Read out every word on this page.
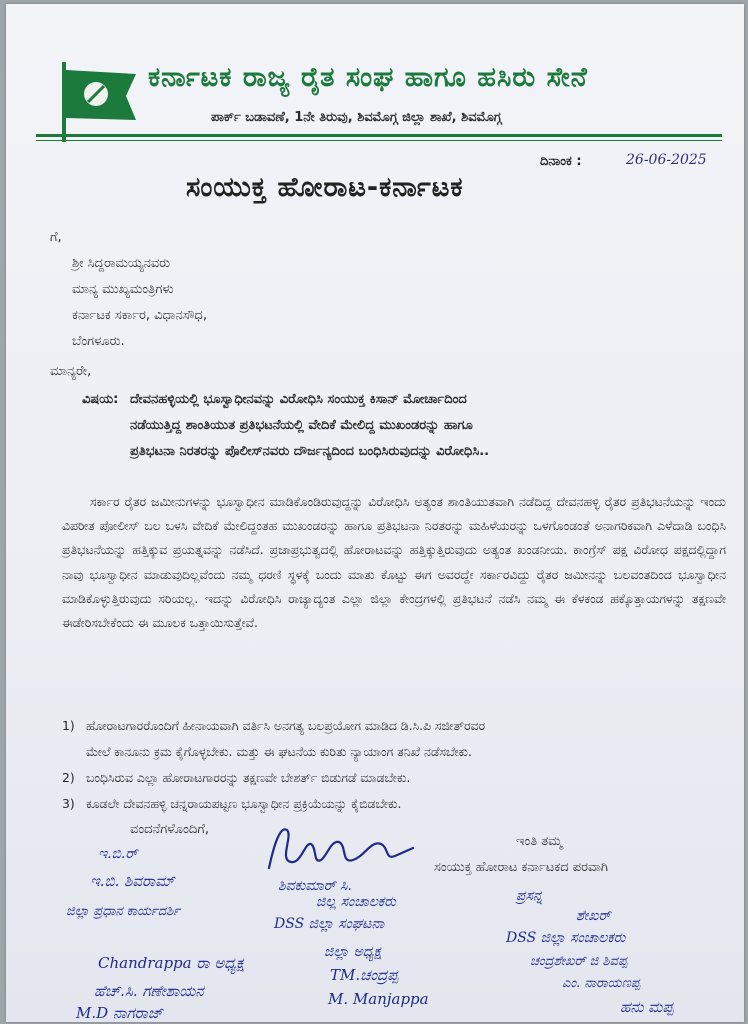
ಕರ್ನಾಟಕ ರಾಜ್ಯ ರೈತ ಸಂಘ ಹಾಗೂ ಹಸಿರು ಸೇನೆ
ಪಾರ್ಕ್ ಬಡಾವಣೆ, 1ನೇ ತಿರುವು, ಶಿವಮೊಗ್ಗ ಜಿಲ್ಲಾ ಶಾಖೆ, ಶಿವಮೊಗ್ಗ
ದಿನಾಂಕ :	26-06-2025
ಸಂಯುಕ್ತ ಹೋರಾಟ-ಕರ್ನಾಟಕ
ಗೆ,
ಶ್ರೀ ಸಿದ್ದರಾಮಯ್ಯನವರು
ಮಾನ್ಯ ಮುಖ್ಯಮಂತ್ರಿಗಳು
ಕರ್ನಾಟಕ ಸರ್ಕಾರ, ವಿಧಾನಸೌಧ,
ಬೆಂಗಳೂರು.
ಮಾನ್ಯರೇ,
ವಿಷಯ: ದೇವನಹಳ್ಳಿಯಲ್ಲಿ ಭೂಸ್ವಾಧೀನವನ್ನು ವಿರೋಧಿಸಿ ಸಂಯುಕ್ತ ಕಿಸಾನ್ ಮೋರ್ಚಾದಿಂದ
ನಡೆಯುತ್ತಿದ್ದ ಶಾಂತಿಯುತ ಪ್ರತಿಭಟನೆಯಲ್ಲಿ ವೇದಿಕೆ ಮೇಲಿದ್ದ ಮುಖಂಡರನ್ನು ಹಾಗೂ
ಪ್ರತಿಭಟನಾ ನಿರತರನ್ನು ಪೊಲೀಸ್‌ನವರು ದೌರ್ಜನ್ಯದಿಂದ ಬಂಧಿಸಿರುವುದನ್ನು ವಿರೋಧಿಸಿ..
ಸರ್ಕಾರ ರೈತರ ಜಮೀನುಗಳನ್ನು ಭೂಸ್ವಾಧೀನ ಮಾಡಿಕೊಂಡಿರುವುದ್ದನ್ನು ವಿರೋಧಿಸಿ ಅತ್ಯಂತ ಶಾಂತಿಯುತವಾಗಿ ನಡೆದಿದ್ದ ದೇವನಹಳ್ಳಿ ರೈತರ ಪ್ರತಿಭಟನೆಯನ್ನು ಇಂದು ವಿಪರೀತ ಪೋಲೀಸ್ ಬಲ ಬಳಸಿ ವೇದಿಕೆ ಮೇಲಿದ್ದಂತಹ ಮುಖಂಡರನ್ನು ಹಾಗೂ ಪ್ರತಿಭಟನಾ ನಿರತರನ್ನು ಮಹಿಳೆಯರನ್ನು ಒಳಗೊಂಡಂತೆ ಅನಾಗರಿಕವಾಗಿ ಎಳೆದಾಡಿ ಬಂಧಿಸಿ ಪ್ರತಿಭಟನೆಯನ್ನು ಹತ್ತಿಕ್ಕುವ ಪ್ರಯತ್ನವನ್ನು ನಡೆಸಿದೆ. ಪ್ರಜಾಪ್ರಭುತ್ವದಲ್ಲಿ ಹೋರಾಟವನ್ನು ಹತ್ತಿಕ್ಕುತ್ತಿರುವುದು ಅತ್ಯಂತ ಖಂಡನೀಯ. ಕಾಂಗ್ರೆಸ್ ಪಕ್ಷ ವಿರೋಧ ಪಕ್ಷದಲ್ಲಿದ್ದಾಗ ನಾವು ಭೂಸ್ವಾಧೀನ ಮಾಡುವುದಿಲ್ಲವೆಂದು ನಮ್ಮ ಧರಣಿ ಸ್ಥಳಕ್ಕೆ ಬಂದು ಮಾತು ಕೊಟ್ಟು ಈಗ ಅವರದ್ದೇ ಸರ್ಕಾರವಿದ್ದು ರೈತರ ಜಮೀನನ್ನು ಬಲವಂತದಿಂದ ಭೂಸ್ವಾಧೀನ ಮಾಡಿಕೊಳ್ಳುತ್ತಿರುವುದು ಸರಿಯಲ್ಲ. ಇದನ್ನು ವಿರೋಧಿಸಿ ರಾಜ್ಯಾದ್ಯಂತ ಎಲ್ಲಾ ಜಿಲ್ಲಾ ಕೇಂದ್ರಗಳಲ್ಲಿ ಪ್ರತಿಭಟನೆ ನಡೆಸಿ ನಮ್ಮ ಈ ಕೆಳಕಂಡ ಹಕ್ಕೊತ್ತಾಯಗಳನ್ನು ತಕ್ಷಣವೇ ಈಡೇರಿಸಬೇಕೆಂದು ಈ ಮೂಲಕ ಒತ್ತಾಯಿಸುತ್ತೇವೆ.
1) ಹೋರಾಟಗಾರರೊಂದಿಗೆ ಹೀನಾಯವಾಗಿ ವರ್ತಿಸಿ ಅನಗತ್ಯ ಬಲಪ್ರಯೋಗ ಮಾಡಿದ ಡಿ.ಸಿ.ಪಿ ಸಜೀತ್‌ರವರ
ಮೇಲೆ ಕಾನೂನು ಕ್ರಮ ಕೈಗೊಳ್ಳಬೇಕು. ಮತ್ತು ಈ ಘಟನೆಯ ಕುರಿತು ನ್ಯಾಯಾಂಗ ತನಿಖೆ ನಡೆಸಬೇಕು.
2) ಬಂಧಿಸಿರುವ ಎಲ್ಲಾ ಹೋರಾಟಗಾರರನ್ನು ತಕ್ಷಣವೇ ಬೇಶರ್ತ್ ಬಿಡುಗಡೆ ಮಾಡಬೇಕು.
3) ಕೂಡಲೇ ದೇವನಹಳ್ಳಿ ಚನ್ನರಾಯಪಟ್ಟಣ ಭೂಸ್ವಾಧೀನ ಪ್ರಕ್ರಿಯೆಯನ್ನು ಕೈಬಿಡಬೇಕು.
ವಂದನೆಗಳೊಂದಿಗೆ,
ಇಂತಿ ತಮ್ಮ
ಸಂಯುಕ್ತ ಹೋರಾಟ ಕರ್ನಾಟಕದ ಪರವಾಗಿ
ಇ.ಬಿ.ರ್
ಇ.ಬಿ. ಶಿವರಾಮ್
ಜಿಲ್ಲಾ ಪ್ರಧಾನ ಕಾರ್ಯದರ್ಶಿ
Chandrappa ರಾ ಅಧ್ಯಕ್ಷ
ಹೆಚ್.ಸಿ. ಗಣೇಶಾಯನ
M.D ನಾಗರಾಜ್
ಶಿವಕುಮಾರ್ ಸಿ.
ಜಿಲ್ಲ ಸಂಚಾಲಕರು
DSS ಜಿಲ್ಲಾ ಸಂಘಟನಾ
ಜಿಲ್ಲಾ ಅಧ್ಯಕ್ಷ
TM.ಚಂದ್ರಪ್ಪ
M. Manjappa
ಪ್ರಸನ್ನ
ಶೇಖರ್
DSS ಜಿಲ್ಲಾ ಸಂಚಾಲಕರು
ಚಂದ್ರಶೇಖರ್ ಜಿ ಶಿವಪ್ಪ
ಎಂ. ನಾರಾಯಣಪ್ಪ
ಹನು ಮಪ್ಪ
